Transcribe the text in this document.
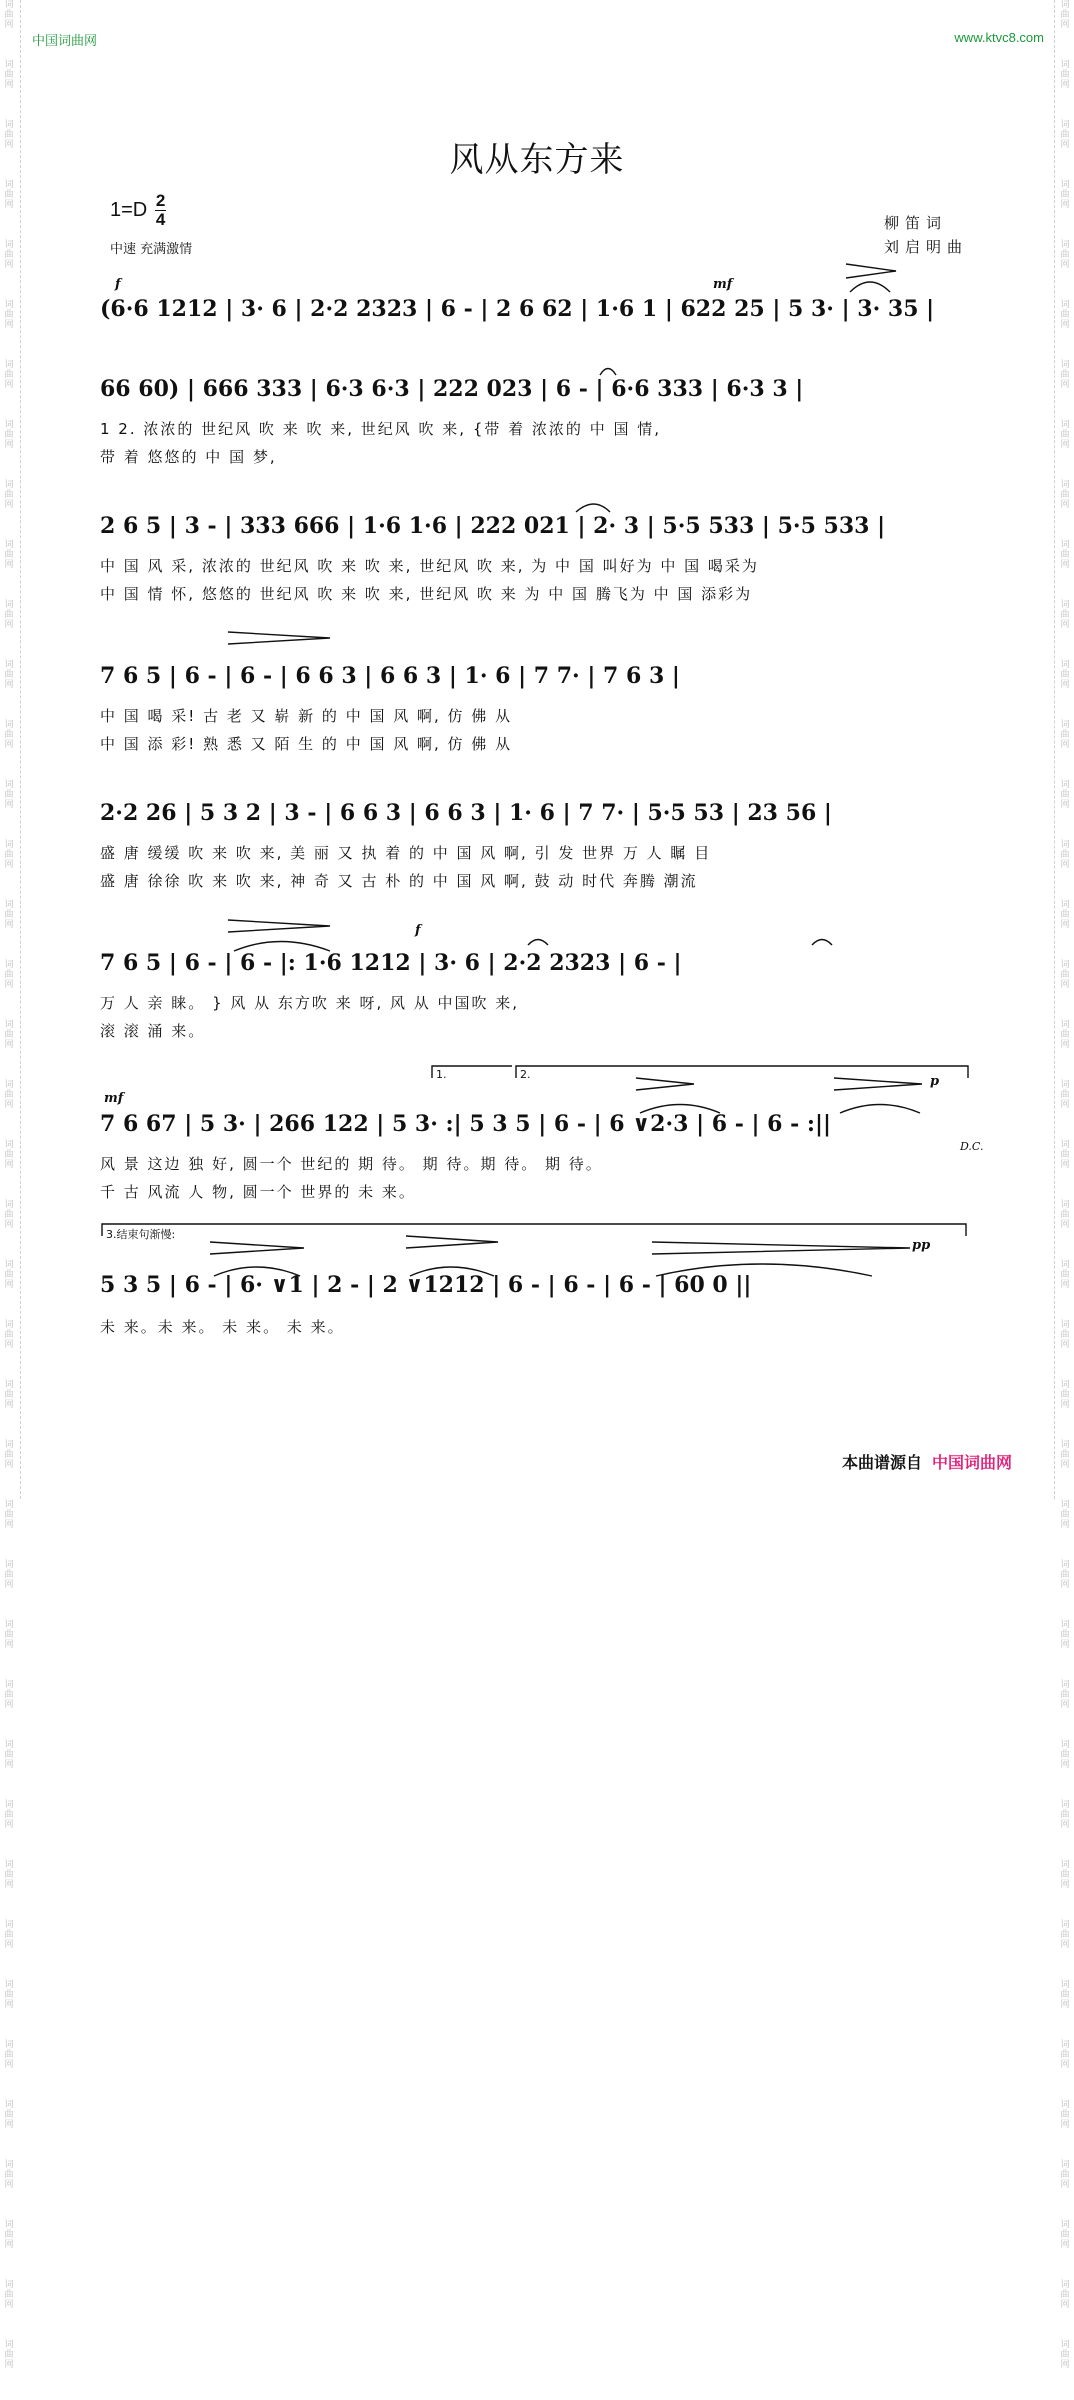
词
曲
网
词
曲
网
词
曲
网
词
曲
网
词
曲
网
词
曲
网
词
曲
网
词
曲
网
词
曲
网
词
曲
网
词
曲
网
词
曲
网
词
曲
网
词
曲
网
词
曲
网
词
曲
网
词
曲
网
词
曲
网
词
曲
网
词
曲
网
词
曲
网
词
曲
网
词
曲
网
词
曲
网
词
曲
网
词
曲
网
词
曲
网
词
曲
网
词
曲
网
词
曲
网
词
曲
网
词
曲
网
词
曲
网
词
曲
网
词
曲
网
词
曲
网
词
曲
网
词
曲
网
词
曲
网
词
曲
网
词
曲
网
词
曲
网
词
曲
网
词
曲
网
词
曲
网
词
曲
网
词
曲
网
词
曲
网
词
曲
网
词
曲
网
词
曲
网
词
曲
网
词
曲
网
词
曲
网
词
曲
网
词
曲
网
词
曲
网
词
曲
网
词
曲
网
词
曲
网
词
曲
网
词
曲
网
词
曲
网
词
曲
网
词
曲
网
词
曲
网
词
曲
网
词
曲
网
词
曲
网
词
曲
网
词
曲
网
词
曲
网
词
曲
网
词
曲
网
词
曲
网
词
曲
网
词
曲
网
词
曲
网
词
曲
网
词
曲
网
中国词曲网	www.ktvc8.com
风从东方来
$1=D \frac{2}{4}$
中速 充满激情
柳笛词
刘启明曲
f	mf
f
mf
p
pp
1.	2.
3.结束句渐慢:
D.C.
(6·6 1212 | 3· 6 | 2·2 2323 | 6 - | 2 6 62 | 1·6 1 | 622 25 | 5 3· | 3· 35 |
66 60) | 666 333 | 6·3 6·3 | 222 023 | 6 - | 6·6 333 | 6·3 3 |
1 2. 浓浓的 世纪风 吹 来 吹 来, 世纪风 吹 来, {带 着 浓浓的 中 国 情,
带 着 悠悠的 中 国 梦,
2 6 5 | 3 - | 333 666 | 1·6 1·6 | 222 021 | 2· 3 | 5·5 533 | 5·5 533 |
中 国 风 采, 浓浓的 世纪风 吹 来 吹 来, 世纪风 吹 来, 为 中 国 叫好为 中 国 喝采为
中 国 情 怀, 悠悠的 世纪风 吹 来 吹 来, 世纪风 吹 来 为 中 国 腾飞为 中 国 添彩为
7 6 5 | 6 - | 6 - | 6 6 3 | 6 6 3 | 1· 6 | 7 7· | 7 6 3 |
中 国 喝 采! 古 老 又 崭 新 的 中 国 风 啊, 仿 佛 从
中 国 添 彩! 熟 悉 又 陌 生 的 中 国 风 啊, 仿 佛 从
2·2 26 | 5 3 2 | 3 - | 6 6 3 | 6 6 3 | 1· 6 | 7 7· | 5·5 53 | 23 56 |
盛 唐 缓缓 吹 来 吹 来, 美 丽 又 执 着 的 中 国 风 啊, 引 发 世界 万 人 瞩 目
盛 唐 徐徐 吹 来 吹 来, 神 奇 又 古 朴 的 中 国 风 啊, 鼓 动 时代 奔腾 潮流
7 6 5 | 6 - | 6 - |: 1·6 1212 | 3· 6 | 2·2 2323 | 6 - |
万 人 亲 睐。 } 风 从 东方吹 来 呀, 风 从 中国吹 来,
滚 滚 涌 来。
7 6 67 | 5 3· | 266 122 | 5 3· :| 5 3 5 | 6 - | 6 ∨2·3 | 6 - | 6 - :||
风 景 这边 独 好, 圆一个 世纪的 期 待。 期 待。期 待。 期 待。
千 古 风流 人 物, 圆一个 世界的 未 来。
5 3 5 | 6 - | 6· ∨1 | 2 - | 2 ∨1212 | 6 - | 6 - | 6 - | 60 0 ||
未 来。未 来。 未 来。 未 来。
本曲谱源自 中国词曲网
